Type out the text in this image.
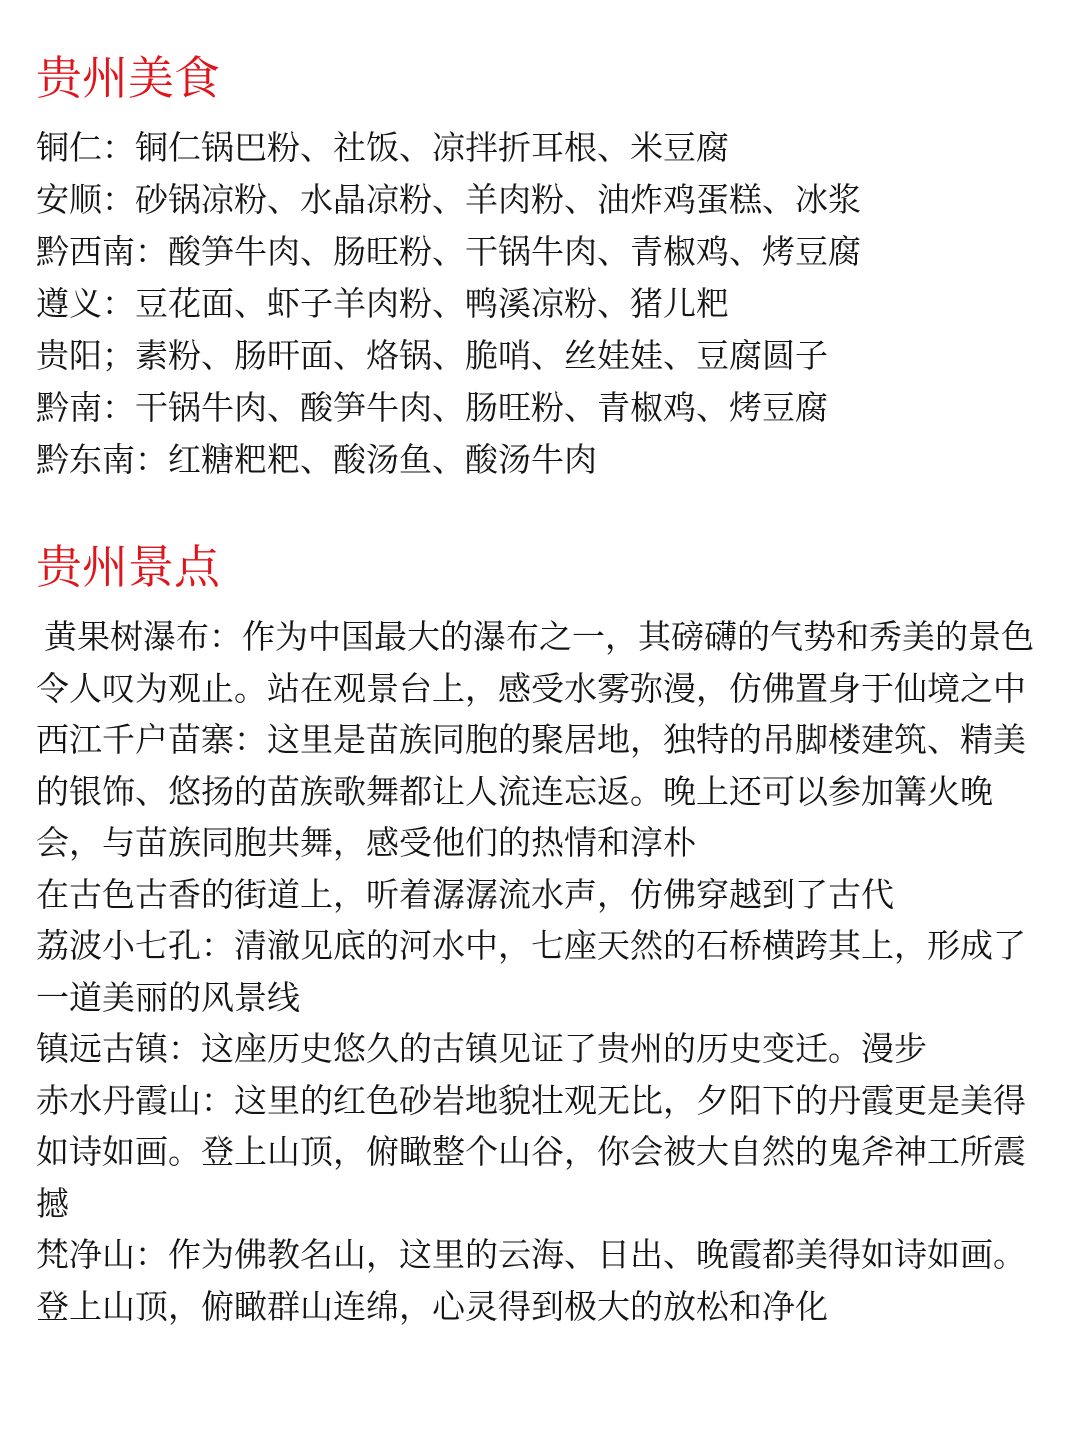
贵州美食
铜仁：铜仁锅巴粉、社饭、凉拌折耳根、米豆腐
安顺：砂锅凉粉、水晶凉粉、羊肉粉、油炸鸡蛋糕、冰浆
黔西南：酸笋牛肉、肠旺粉、干锅牛肉、青椒鸡、烤豆腐
遵义：豆花面、虾子羊肉粉、鸭溪凉粉、猪儿粑
贵阳；素粉、肠旰面、烙锅、脆哨、丝娃娃、豆腐圆子
黔南：干锅牛肉、酸笋牛肉、肠旺粉、青椒鸡、烤豆腐
黔东南：红糖粑粑、酸汤鱼、酸汤牛肉
贵州景点

黄果树瀑布：作为中国最大的瀑布之一，其磅礴的气势和秀美的景色令人叹为观止。站在观景台上，感受水雾弥漫，仿佛置身于仙境之中

西江千户苗寨：这里是苗族同胞的聚居地，独特的吊脚楼建筑、精美的银饰、悠扬的苗族歌舞都让人流连忘返。晚上还可以参加篝火晚会，与苗族同胞共舞，感受他们的热情和淳朴

在古色古香的街道上，听着潺潺流水声，仿佛穿越到了古代

荔波小七孔：清澈见底的河水中，七座天然的石桥横跨其上，形成了一道美丽的风景线

镇远古镇：这座历史悠久的古镇见证了贵州的历史变迁。漫步

赤水丹霞山：这里的红色砂岩地貌壮观无比，夕阳下的丹霞更是美得如诗如画。登上山顶，俯瞰整个山谷，你会被大自然的鬼斧神工所震撼

梵净山：作为佛教名山，这里的云海、日出、晚霞都美得如诗如画。登上山顶，俯瞰群山连绵，心灵得到极大的放松和净化
